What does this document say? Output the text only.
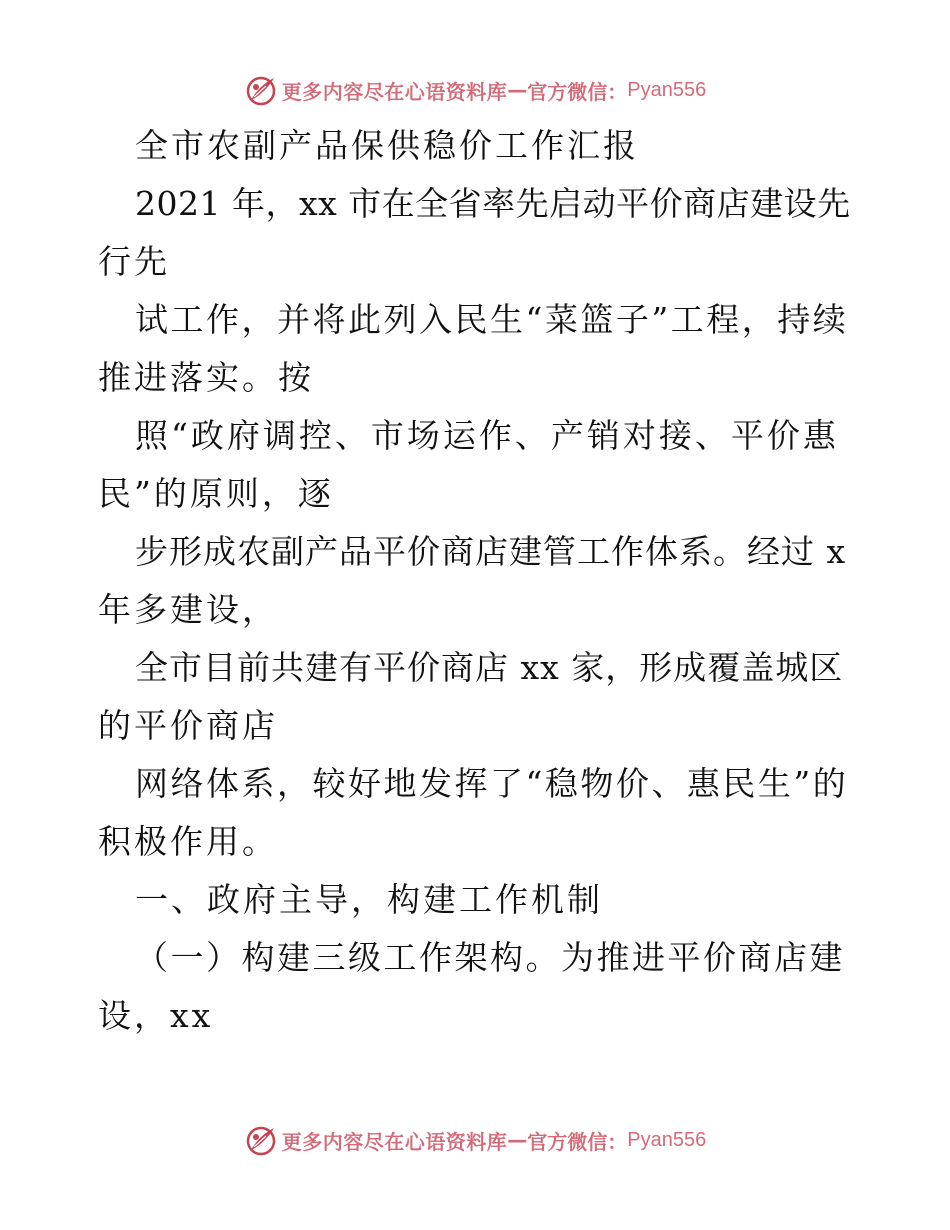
更多内容尽在心语资料库 — 官方微信： Pyan556
全市农副产品保供稳价工作汇报
2021 年，xx 市在全省率先启动平价商店建设先
行先
试工作，并将此列入民生“菜篮子”工程，持续
推进落实。按
照“政府调控、市场运作、产销对接、平价惠
民”的原则，逐
步形成农副产品平价商店建管工作体系。经过 x
年多建设，
全市目前共建有平价商店 xx 家，形成覆盖城区
的平价商店
网络体系，较好地发挥了“稳物价、惠民生”的
积极作用。
一、政府主导，构建工作机制
（一）构建三级工作架构。为推进平价商店建
设，xx
更多内容尽在心语资料库 — 官方微信： Pyan556
